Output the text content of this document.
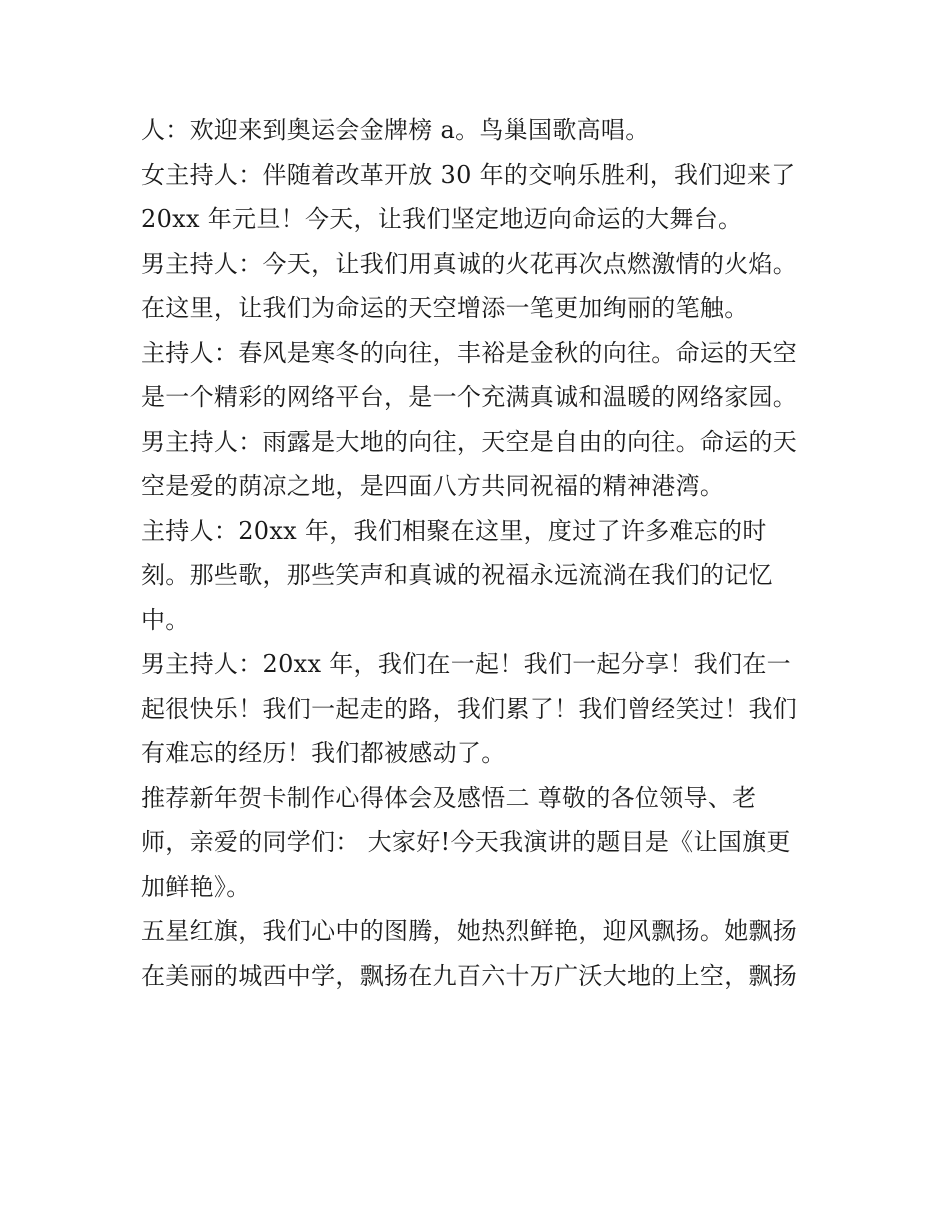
人：欢迎来到奥运会金牌榜 a。鸟巢国歌高唱。
女主持人：伴随着改革开放 30 年的交响乐胜利，我们迎来了
20xx 年元旦！今天，让我们坚定地迈向命运的大舞台。
男主持人：今天，让我们用真诚的火花再次点燃激情的火焰。
在这里，让我们为命运的天空增添一笔更加绚丽的笔触。
主持人：春风是寒冬的向往，丰裕是金秋的向往。命运的天空
是一个精彩的网络平台，是一个充满真诚和温暖的网络家园。
男主持人：雨露是大地的向往，天空是自由的向往。命运的天
空是爱的荫凉之地，是四面八方共同祝福的精神港湾。
主持人：20xx 年，我们相聚在这里，度过了许多难忘的时
刻。那些歌，那些笑声和真诚的祝福永远流淌在我们的记忆
中。
男主持人：20xx 年，我们在一起！我们一起分享！我们在一
起很快乐！我们一起走的路，我们累了！我们曾经笑过！我们
有难忘的经历！我们都被感动了。
推荐新年贺卡制作心得体会及感悟二 尊敬的各位领导、老
师，亲爱的同学们： 大家好!今天我演讲的题目是《让国旗更
加鲜艳》。
五星红旗，我们心中的图腾，她热烈鲜艳，迎风飘扬。她飘扬
在美丽的城西中学，飘扬在九百六十万广沃大地的上空，飘扬
